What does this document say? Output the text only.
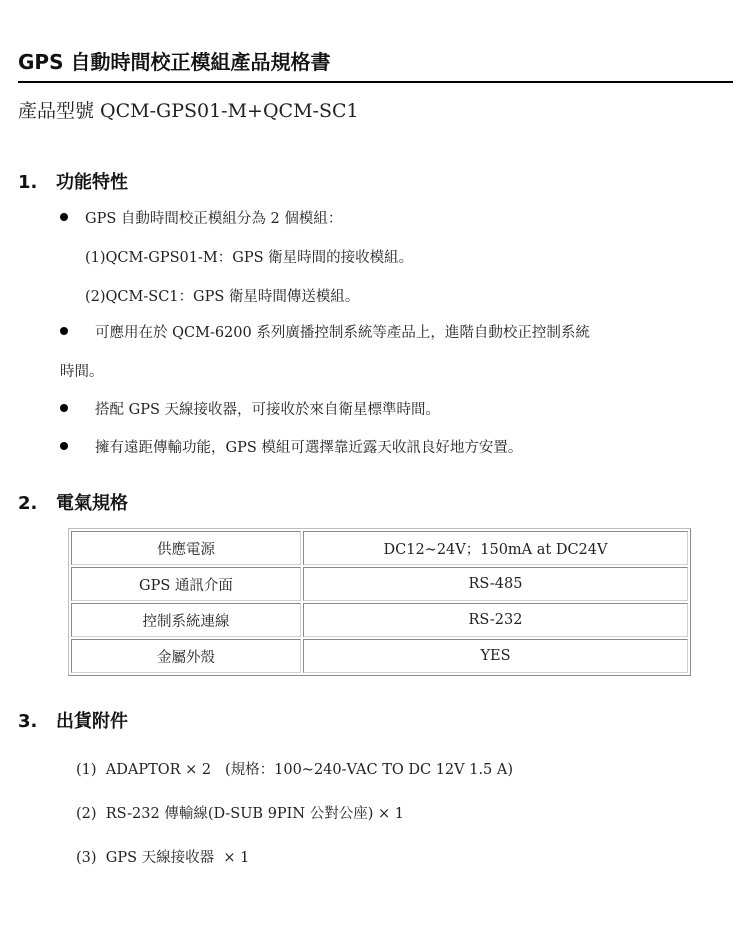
GPS 自動時間校正模組產品規格書
產品型號 QCM-GPS01-M+QCM-SC1
1. 功能特性
GPS 自動時間校正模組分為 2 個模組：
(1)QCM-GPS01-M：GPS 衛星時間的接收模組。
(2)QCM-SC1：GPS 衛星時間傳送模組。
可應用在於 QCM-6200 系列廣播控制系統等產品上，進階自動校正控制系統
時間。
搭配 GPS 天線接收器，可接收於來自衛星標準時間。
擁有遠距傳輸功能，GPS 模組可選擇靠近露天收訊良好地方安置。
2. 電氣規格
供應電源	DC12~24V；150mA at DC24V
GPS 通訊介面	RS-485
控制系統連線	RS-232
金屬外殼	YES
3. 出貨附件
(1)  ADAPTOR × 2   (規格：100~240-VAC TO DC 12V 1.5 A)
(2)  RS-232 傳輸線(D-SUB 9PIN 公對公座) × 1
(3)  GPS 天線接收器  × 1
